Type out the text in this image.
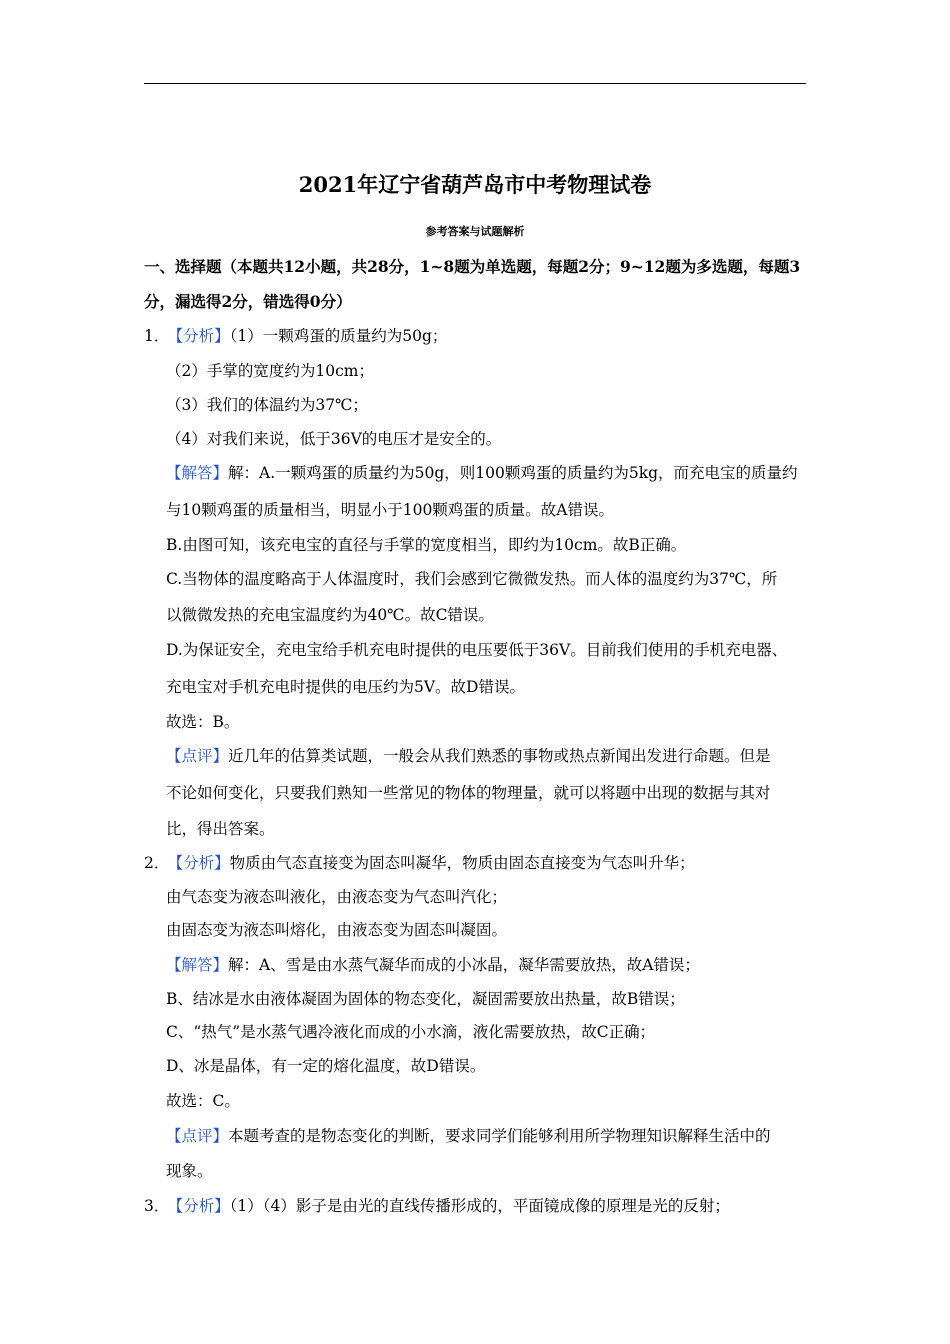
2021年辽宁省葫芦岛市中考物理试卷
参考答案与试题解析
一、选择题（本题共12小题，共28分，1~8题为单选题，每题2分；9~12题为多选题，每题3
分，漏选得2分，错选得0分）
1． 【分析】（1）一颗鸡蛋的质量约为50g；
（2）手掌的宽度约为10cm；
（3）我们的体温约为37℃；
（4）对我们来说，低于36V的电压才是安全的。
【解答】解：A.一颗鸡蛋的质量约为50g，则100颗鸡蛋的质量约为5kg，而充电宝的质量约
与10颗鸡蛋的质量相当，明显小于100颗鸡蛋的质量。故A错误。
B.由图可知，该充电宝的直径与手掌的宽度相当，即约为10cm。故B正确。
C.当物体的温度略高于人体温度时，我们会感到它微微发热。而人体的温度约为37℃，所
以微微发热的充电宝温度约为40℃。故C错误。
D.为保证安全，充电宝给手机充电时提供的电压要低于36V。目前我们使用的手机充电器、
充电宝对手机充电时提供的电压约为5V。故D错误。
故选：B。
【点评】近几年的估算类试题，一般会从我们熟悉的事物或热点新闻出发进行命题。但是
不论如何变化，只要我们熟知一些常见的物体的物理量，就可以将题中出现的数据与其对
比，得出答案。
2． 【分析】物质由气态直接变为固态叫凝华，物质由固态直接变为气态叫升华；
由气态变为液态叫液化，由液态变为气态叫汽化；
由固态变为液态叫熔化，由液态变为固态叫凝固。
【解答】解：A、雪是由水蒸气凝华而成的小冰晶，凝华需要放热，故A错误；
B、结冰是水由液体凝固为固体的物态变化，凝固需要放出热量，故B错误；
C、“热气”是水蒸气遇冷液化而成的小水滴，液化需要放热，故C正确；
D、冰是晶体，有一定的熔化温度，故D错误。
故选：C。
【点评】本题考查的是物态变化的判断，要求同学们能够利用所学物理知识解释生活中的
现象。
3． 【分析】（1）（4）影子是由光的直线传播形成的，平面镜成像的原理是光的反射；
